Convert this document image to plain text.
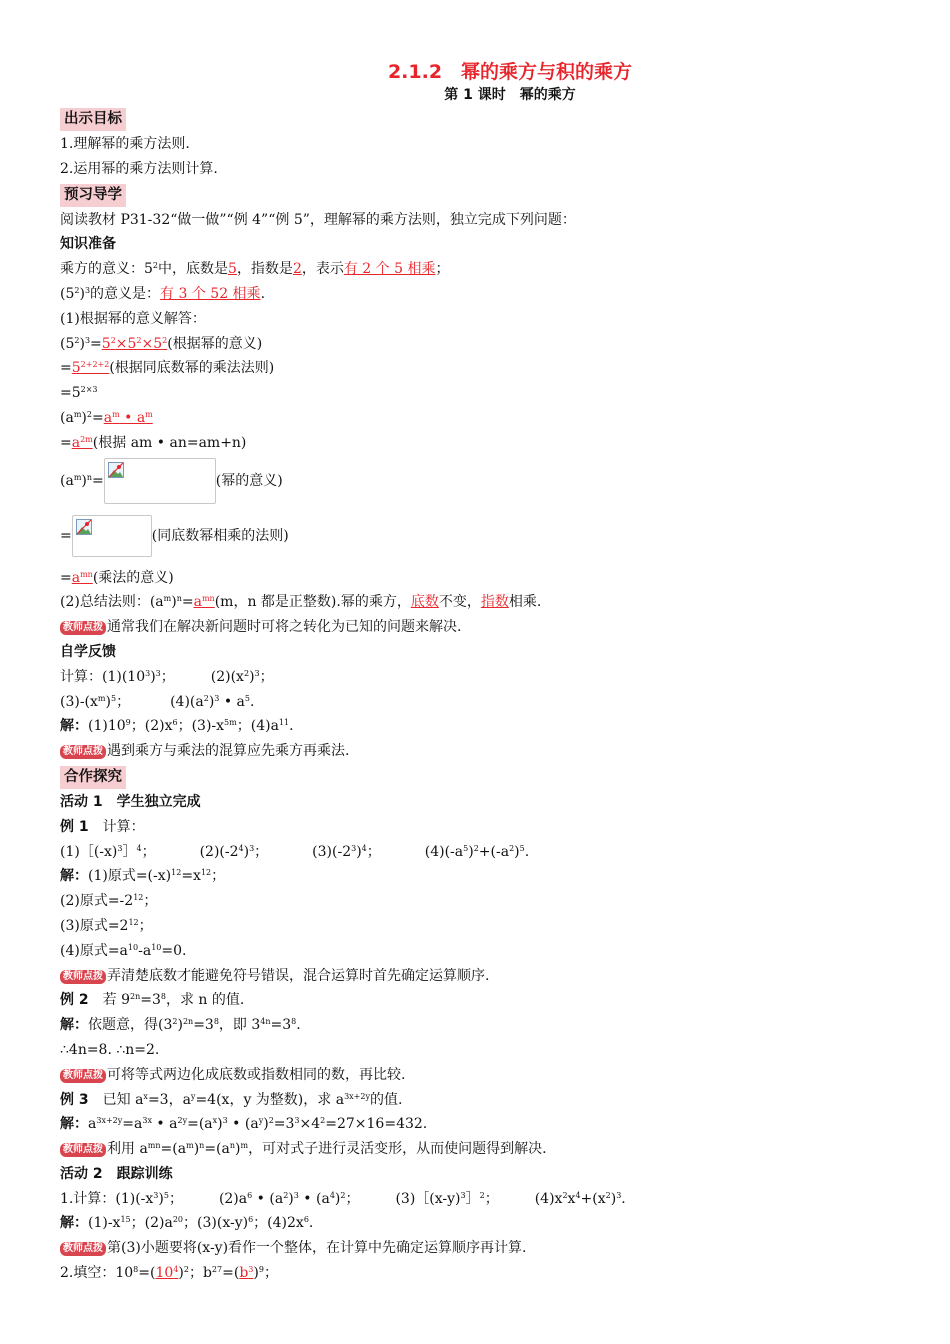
2.1.2　幂的乘方与积的乘方
第 1 课时　幂的乘方
出示目标
1.理解幂的乘方法则.
2.运用幂的乘方法则计算.
预习导学
阅读教材 P31-32“做一做”“例 4”“例 5”，理解幂的乘方法则，独立完成下列问题：
知识准备
乘方的意义：$5^2$中，底数是5，指数是2，表示有 2 个 5 相乘；
$(5^2)^3$的意义是：有 3 个 52 相乘.
(1)根据幂的意义解答：
$(5^2)^3=5^2\times 5^2\times 5^2$(根据幂的意义)
$=5^{2+2+2}$(根据同底数幂的乘法法则)
$=5^{2\times 3}$
$(a^m)^2=a^m$ • $a^m$
$=a^{2m}$(根据 am • an=am+n)
$(a^m)^n=$	(幂的意义)
=	(同底数幂相乘的法则)
$=a^{mn}$(乘法的意义)
(2)总结法则：$(a^m)^n=a^{mn}(m$，n 都是正整数).幂的乘方，底数不变，指数相乘.
教师点拨 通常我们在解决新问题时可将之转化为已知的问题来解决.
自学反馈
计算：$(1)(10^3)^3$；	$(2)(x^2)^3$；
$(3)-(x^m)^5$；	$(4)(a^2)^3$ • $a^5$.
解：$(1)10^9$；$(2)x^6$；$(3)-x^{5m}$；$(4)a^{11}$.
教师点拨 遇到乘方与乘法的混算应先乘方再乘法.
合作探究
活动 1　学生独立完成
例 1　计算：
$(1)[(-x)^3]^4$；	$(2)(-2^4)^3$；	$(3)(-2^3)^4$；	$(4)(-a^5)^2+(-a^2)^5$.
解：(1)原式$=(-x)^{12}=x^{12}$；
(2)原式$=-2^{12}$；
(3)原式$=2^{12}$；
(4)原式$=a^{10}-a^{10}=0$.
教师点拨 弄清楚底数才能避免符号错误，混合运算时首先确定运算顺序.
例 2　若 $9^{2n}=3^8$，求 n 的值.
解：依题意，得$(3^2)^{2n}=3^8$，即 $3^{4n}=3^8$.
∴4n=8. ∴n=2.
教师点拨 可将等式两边化成底数或指数相同的数，再比较.
例 3　已知 $a^x=3$，$a^y=4(x$，y 为整数)，求 $a^{3x+2y}$的值.
解：$a^{3x+2y}=a^{3x}$ • $a^{2y}=(a^x)^3$ • $(a^y)^2=3^3\times 4^2=27\times 16=432$.
教师点拨 利用 $a^{mn}=(a^m)^n=(a^n)^m$，可对式子进行灵活变形，从而使问题得到解决.
活动 2　跟踪训练
1.计算：$(1)(-x^3)^5$；	$(2)a^6$ • $(a^2)^3$ • $(a^4)^2$；	$(3)[(x-y)^3]^2$；	$(4)x^2x^4+(x^2)^3$.
解：$(1)-x^{15}$；$(2)a^{20}$；$(3)(x-y)^6$；$(4)2x^6$.
教师点拨 第(3)小题要将(x-y)看作一个整体，在计算中先确定运算顺序再计算.
2.填空：$10^8=(10^4)^2$；$b^{27}=(b^3)^9$；
